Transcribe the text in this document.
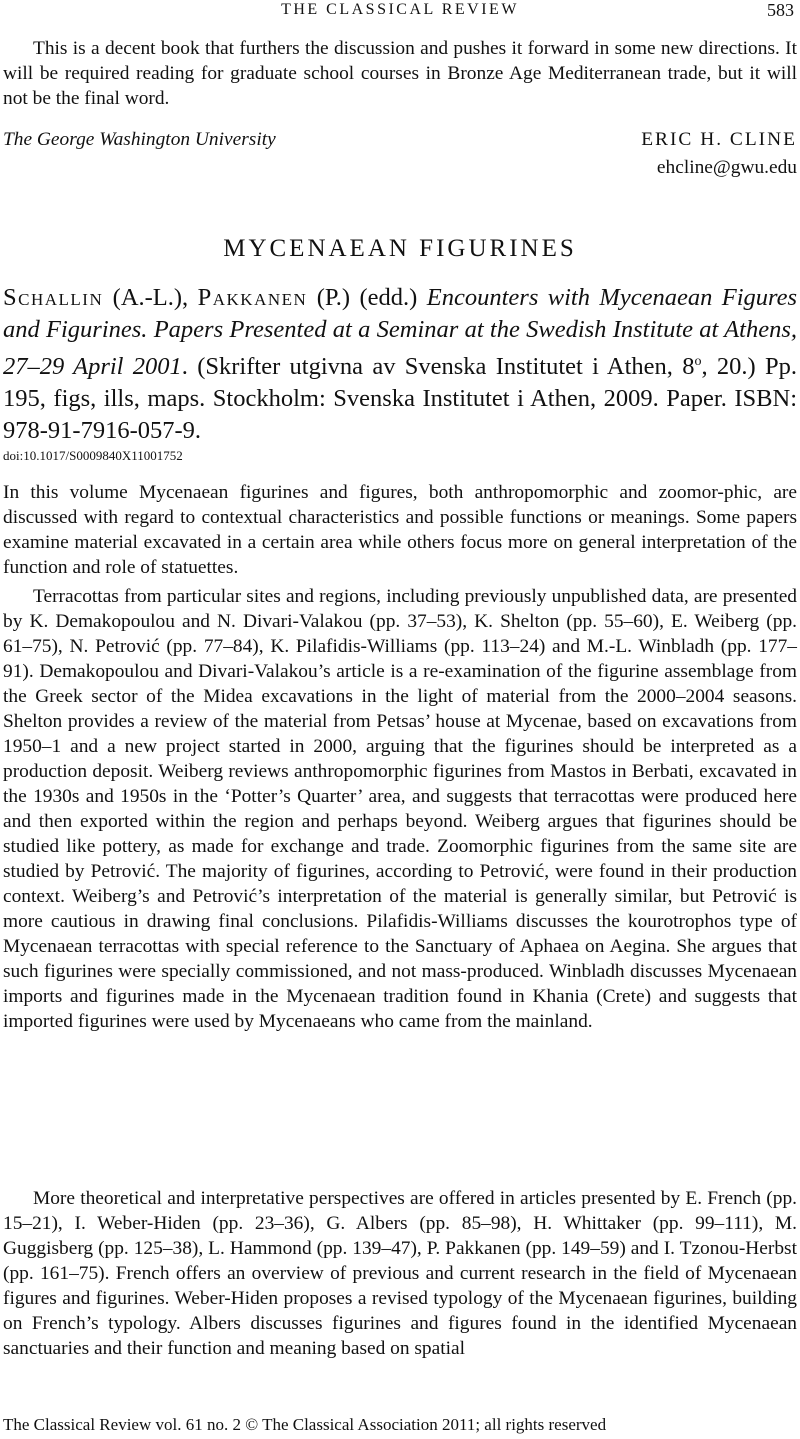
THE CLASSICAL REVIEW	583

This is a decent book that furthers the discussion and pushes it forward in some new directions. It will be required reading for graduate school courses in Bronze Age Mediterranean trade, but it will not be the final word.

The George Washington University	ERIC H. CLINE
ehcline@gwu.edu
MYCENAEAN FIGURINES

Schallin (A.-L.), Pakkanen (P.) (edd.) Encounters with Mycenaean Figures and Figurines. Papers Presented at a Seminar at the Swedish Institute at Athens, 27–29 April 2001. (Skrifter utgivna av Svenska Institutet i Athen, 8$^o$, 20.) Pp. 195, figs, ills, maps. Stockholm: Svenska Institutet i Athen, 2009. Paper. ISBN: 978-91-7916-057-9.

doi:10.1017/S0009840X11001752

In this volume Mycenaean figurines and figures, both anthropomorphic and zoomor-phic, are discussed with regard to contextual characteristics and possible functions or meanings. Some papers examine material excavated in a certain area while others focus more on general interpretation of the function and role of statuettes.

Terracottas from particular sites and regions, including previously unpublished data, are presented by K. Demakopoulou and N. Divari-Valakou (pp. 37–53), K. Shelton (pp. 55–60), E. Weiberg (pp. 61–75), N. Petrović (pp. 77–84), K. Pilafidis-Williams (pp. 113–24) and M.-L. Winbladh (pp. 177–91). Demakopoulou and Divari-Valakou’s article is a re-examination of the figurine assemblage from the Greek sector of the Midea excavations in the light of material from the 2000–2004 seasons. Shelton provides a review of the material from Petsas’ house at Mycenae, based on excavations from 1950–1 and a new project started in 2000, arguing that the figurines should be interpreted as a production deposit. Weiberg reviews anthropomorphic figurines from Mastos in Berbati, excavated in the 1930s and 1950s in the ‘Potter’s Quarter’ area, and suggests that terracottas were produced here and then exported within the region and perhaps beyond. Weiberg argues that figurines should be studied like pottery, as made for exchange and trade. Zoomorphic figurines from the same site are studied by Petrović. The majority of figurines, according to Petrović, were found in their production context. Weiberg’s and Petrović’s interpretation of the material is generally similar, but Petrović is more cautious in drawing final conclusions. Pilafidis-Williams discusses the kourotrophos type of Mycenaean terracottas with special reference to the Sanctuary of Aphaea on Aegina. She argues that such figurines were specially commissioned, and not mass-produced. Winbladh discusses Mycenaean imports and figurines made in the Mycenaean tradition found in Khania (Crete) and suggests that imported figurines were used by Mycenaeans who came from the mainland.

More theoretical and interpretative perspectives are offered in articles presented by E. French (pp. 15–21), I. Weber-Hiden (pp. 23–36), G. Albers (pp. 85–98), H. Whittaker (pp. 99–111), M. Guggisberg (pp. 125–38), L. Hammond (pp. 139–47), P. Pakkanen (pp. 149–59) and I. Tzonou-Herbst (pp. 161–75). French offers an overview of previous and current research in the field of Mycenaean figures and figurines. Weber-Hiden proposes a revised typology of the Mycenaean figurines, building on French’s typology. Albers discusses figurines and figures found in the identified Mycenaean sanctuaries and their function and meaning based on spatial

The Classical Review vol. 61 no. 2 © The Classical Association 2011; all rights reserved
